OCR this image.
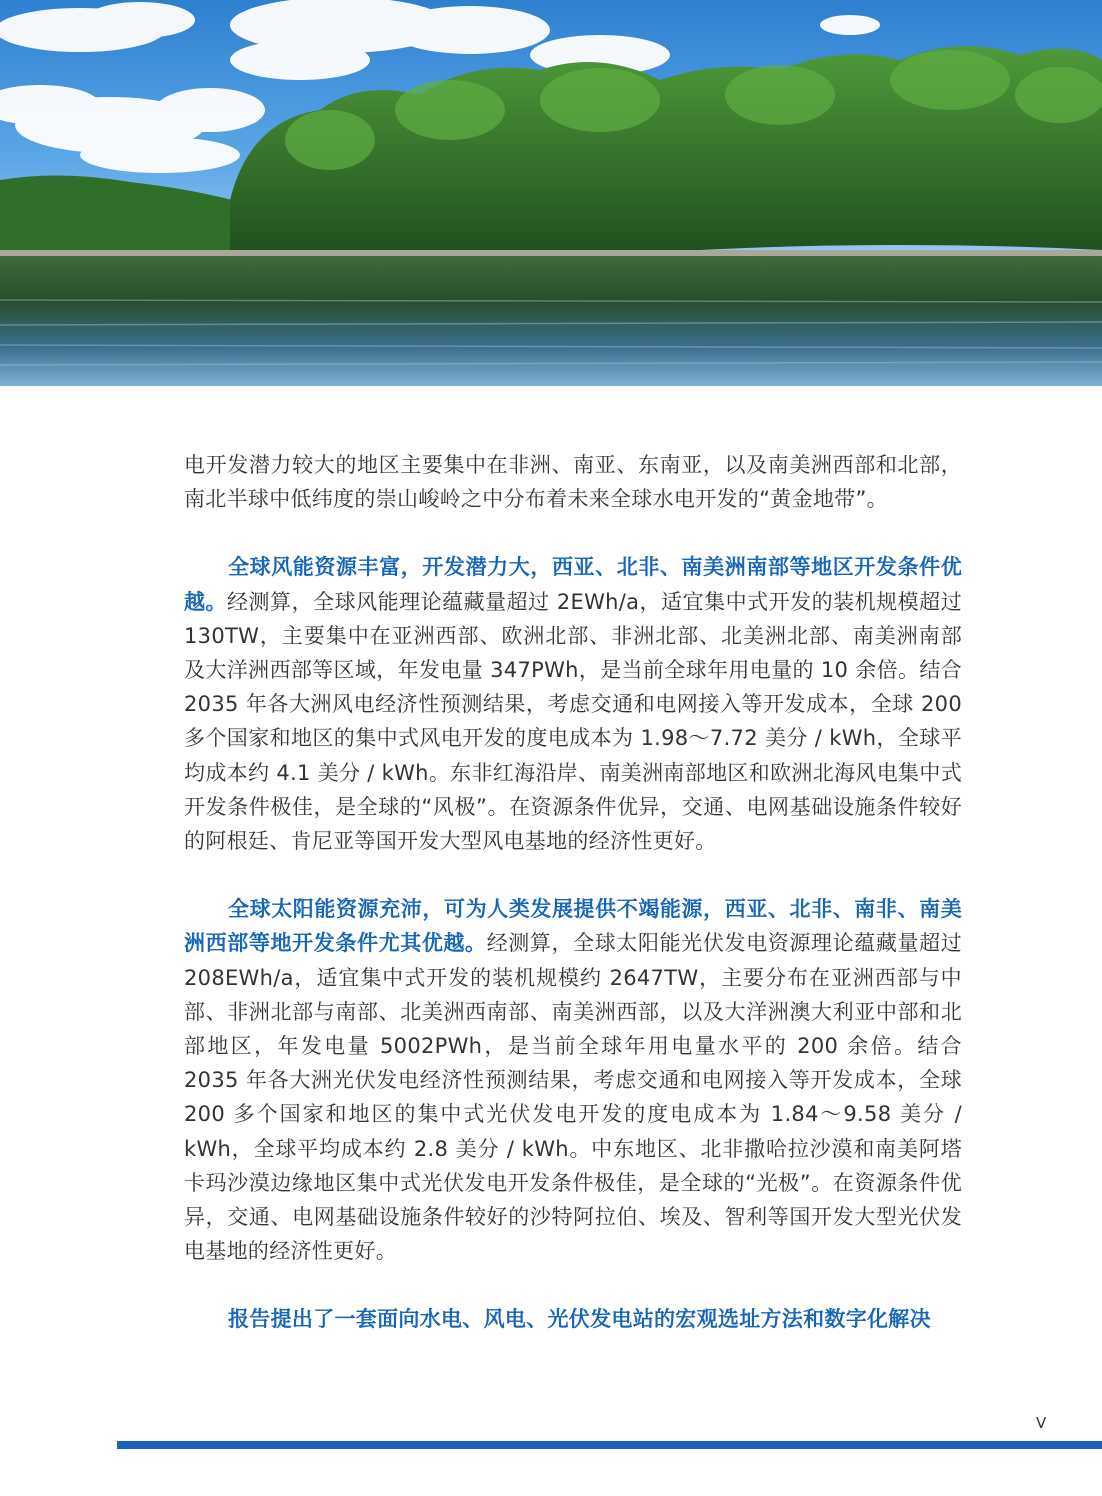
电开发潜力较大的地区主要集中在非洲、南亚、东南亚，以及南美洲西部和北部，南北半球中低纬度的崇山峻岭之中分布着未来全球水电开发的“黄金地带”。

全球风能资源丰富，开发潜力大，西亚、北非、南美洲南部等地区开发条件优越。经测算，全球风能理论蕴藏量超过 2EWh/a，适宜集中式开发的装机规模超过 130TW，主要集中在亚洲西部、欧洲北部、非洲北部、北美洲北部、南美洲南部及大洋洲西部等区域，年发电量 347PWh，是当前全球年用电量的 10 余倍。结合 2035 年各大洲风电经济性预测结果，考虑交通和电网接入等开发成本，全球 200 多个国家和地区的集中式风电开发的度电成本为 1.98～7.72 美分 / kWh，全球平均成本约 4.1 美分 / kWh。东非红海沿岸、南美洲南部地区和欧洲北海风电集中式开发条件极佳，是全球的“风极”。在资源条件优异，交通、电网基础设施条件较好的阿根廷、肯尼亚等国开发大型风电基地的经济性更好。

全球太阳能资源充沛，可为人类发展提供不竭能源，西亚、北非、南非、南美洲西部等地开发条件尤其优越。经测算，全球太阳能光伏发电资源理论蕴藏量超过 208EWh/a，适宜集中式开发的装机规模约 2647TW，主要分布在亚洲西部与中部、非洲北部与南部、北美洲西南部、南美洲西部，以及大洋洲澳大利亚中部和北部地区，年发电量 5002PWh，是当前全球年用电量水平的 200 余倍。结合 2035 年各大洲光伏发电经济性预测结果，考虑交通和电网接入等开发成本，全球 200 多个国家和地区的集中式光伏发电开发的度电成本为 1.84～9.58 美分 / kWh，全球平均成本约 2.8 美分 / kWh。中东地区、北非撒哈拉沙漠和南美阿塔卡玛沙漠边缘地区集中式光伏发电开发条件极佳，是全球的“光极”。在资源条件优异，交通、电网基础设施条件较好的沙特阿拉伯、埃及、智利等国开发大型光伏发电基地的经济性更好。

报告提出了一套面向水电、风电、光伏发电站的宏观选址方法和数字化解决

V
